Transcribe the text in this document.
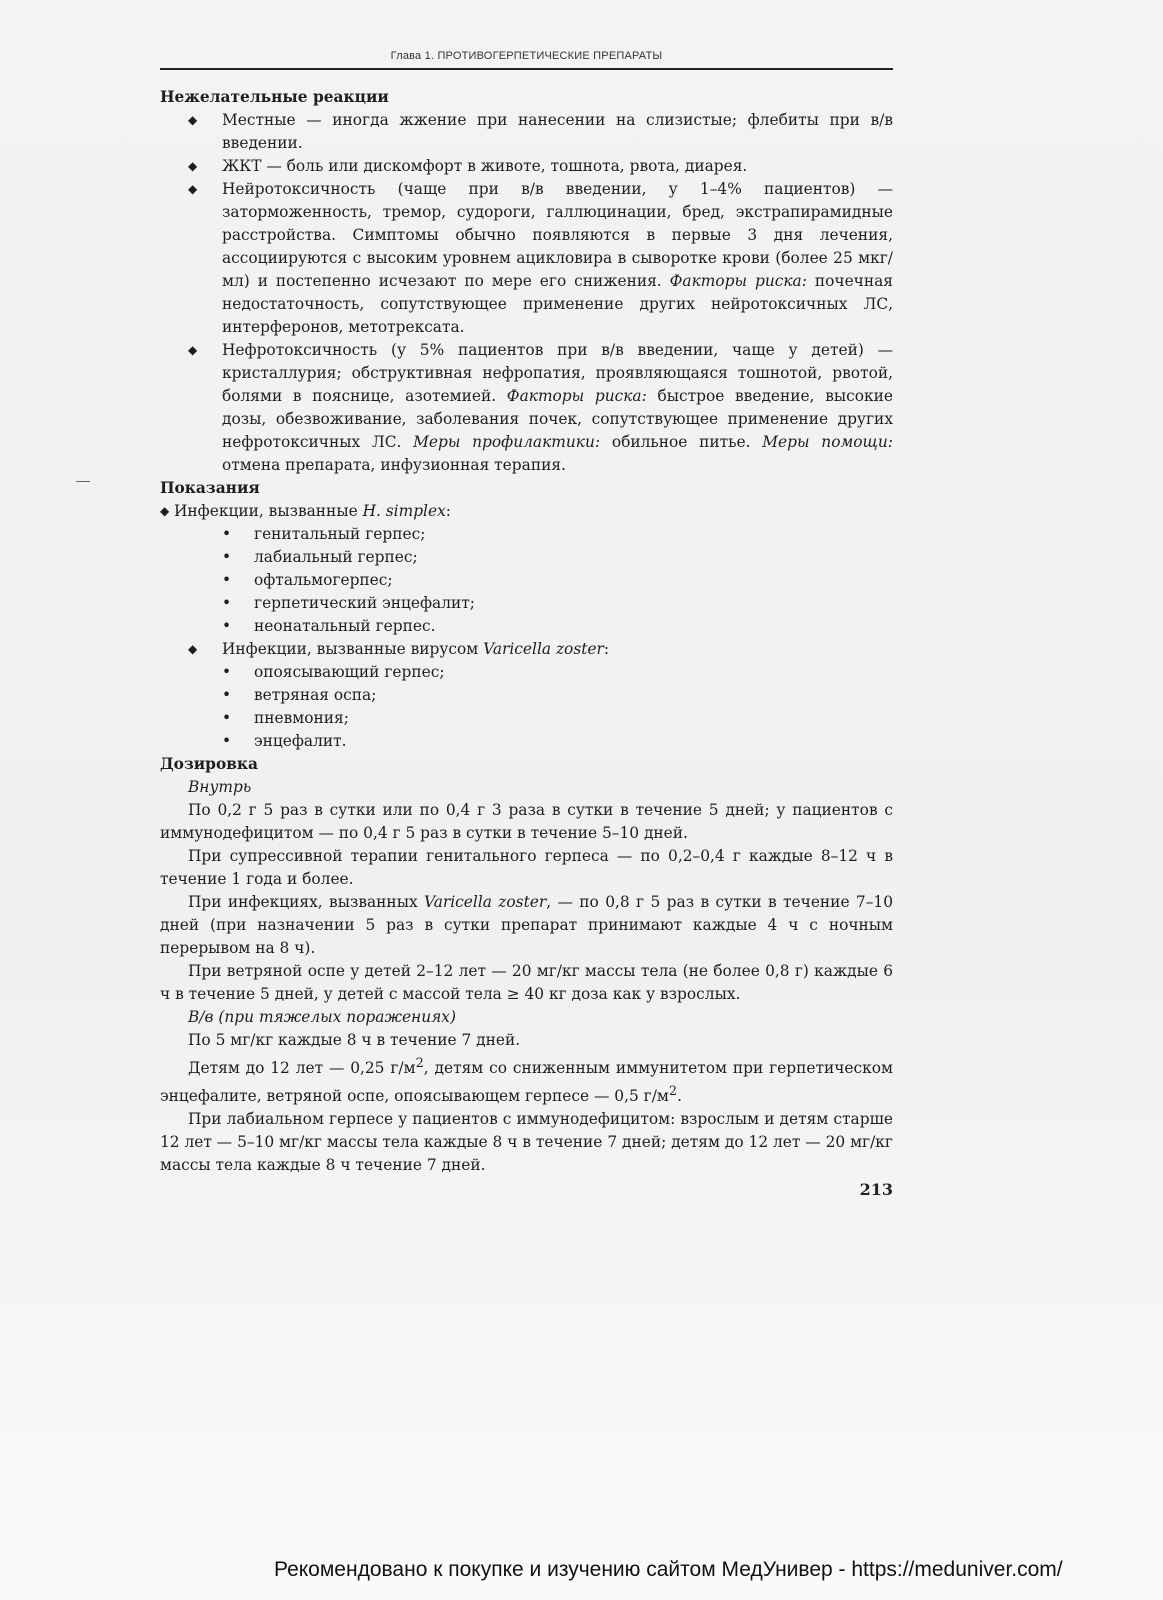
Глава 1. ПРОТИВОГЕРПЕТИЧЕСКИЕ ПРЕПАРАТЫ

Нежелательные реакции

◆ Местные — иногда жжение при нанесении на слизистые; флебиты при в/в введении.

◆ ЖКТ — боль или дискомфорт в животе, тошнота, рвота, диарея.

◆ Нейротоксичность (чаще при в/в введении, у 1–4% пациентов) — заторможенность, тремор, судороги, галлюцинации, бред, экстрапирамидные расстройства. Симптомы обычно появляются в первые 3 дня лечения, ассоциируются с высоким уровнем ацикловира в сыворотке крови (более 25 мкг/мл) и постепенно исчезают по мере его снижения. Факторы риска: почечная недостаточность, сопутствующее применение других нейротоксичных ЛС, интерферонов, метотрексата.

◆ Нефротоксичность (у 5% пациентов при в/в введении, чаще у детей) — кристаллурия; обструктивная нефропатия, проявляющаяся тошнотой, рвотой, болями в пояснице, азотемией. Факторы риска: быстрое введение, высокие дозы, обезвоживание, заболевания почек, сопутствующее применение других нефротоксичных ЛС. Меры профилактики: обильное питье. Меры помощи: отмена препарата, инфузионная терапия.

Показания

◆ Инфекции, вызванные H. simplex:

• генитальный герпес;

• лабиальный герпес;

• офтальмогерпес;

• герпетический энцефалит;

• неонатальный герпес.

◆ Инфекции, вызванные вирусом Varicella zoster:

• опоясывающий герпес;

• ветряная оспа;

• пневмония;

• энцефалит.

Дозировка

Внутрь

По 0,2 г 5 раз в сутки или по 0,4 г 3 раза в сутки в течение 5 дней; у пациентов с иммунодефицитом — по 0,4 г 5 раз в сутки в течение 5–10 дней.

При супрессивной терапии генитального герпеса — по 0,2–0,4 г каждые 8–12 ч в течение 1 года и более.

При инфекциях, вызванных Varicella zoster, — по 0,8 г 5 раз в сутки в течение 7–10 дней (при назначении 5 раз в сутки препарат принимают каждые 4 ч с ночным перерывом на 8 ч).

При ветряной оспе у детей 2–12 лет — 20 мг/кг массы тела (не более 0,8 г) каждые 6 ч в течение 5 дней, у детей с массой тела ≥ 40 кг доза как у взрослых.

В/в (при тяжелых поражениях)

По 5 мг/кг каждые 8 ч в течение 7 дней.

Детям до 12 лет — 0,25 $г/м^2$, детям со сниженным иммунитетом при герпетическом энцефалите, ветряной оспе, опоясывающем герпесе — 0,5 $г/м^2$.

При лабиальном герпесе у пациентов с иммунодефицитом: взрослым и детям старше 12 лет — 5–10 мг/кг массы тела каждые 8 ч в течение 7 дней; детям до 12 лет — 20 мг/кг массы тела каждые 8 ч течение 7 дней.

213
Рекомендовано к покупке и изучению сайтом МедУнивер - https://meduniver.com/
